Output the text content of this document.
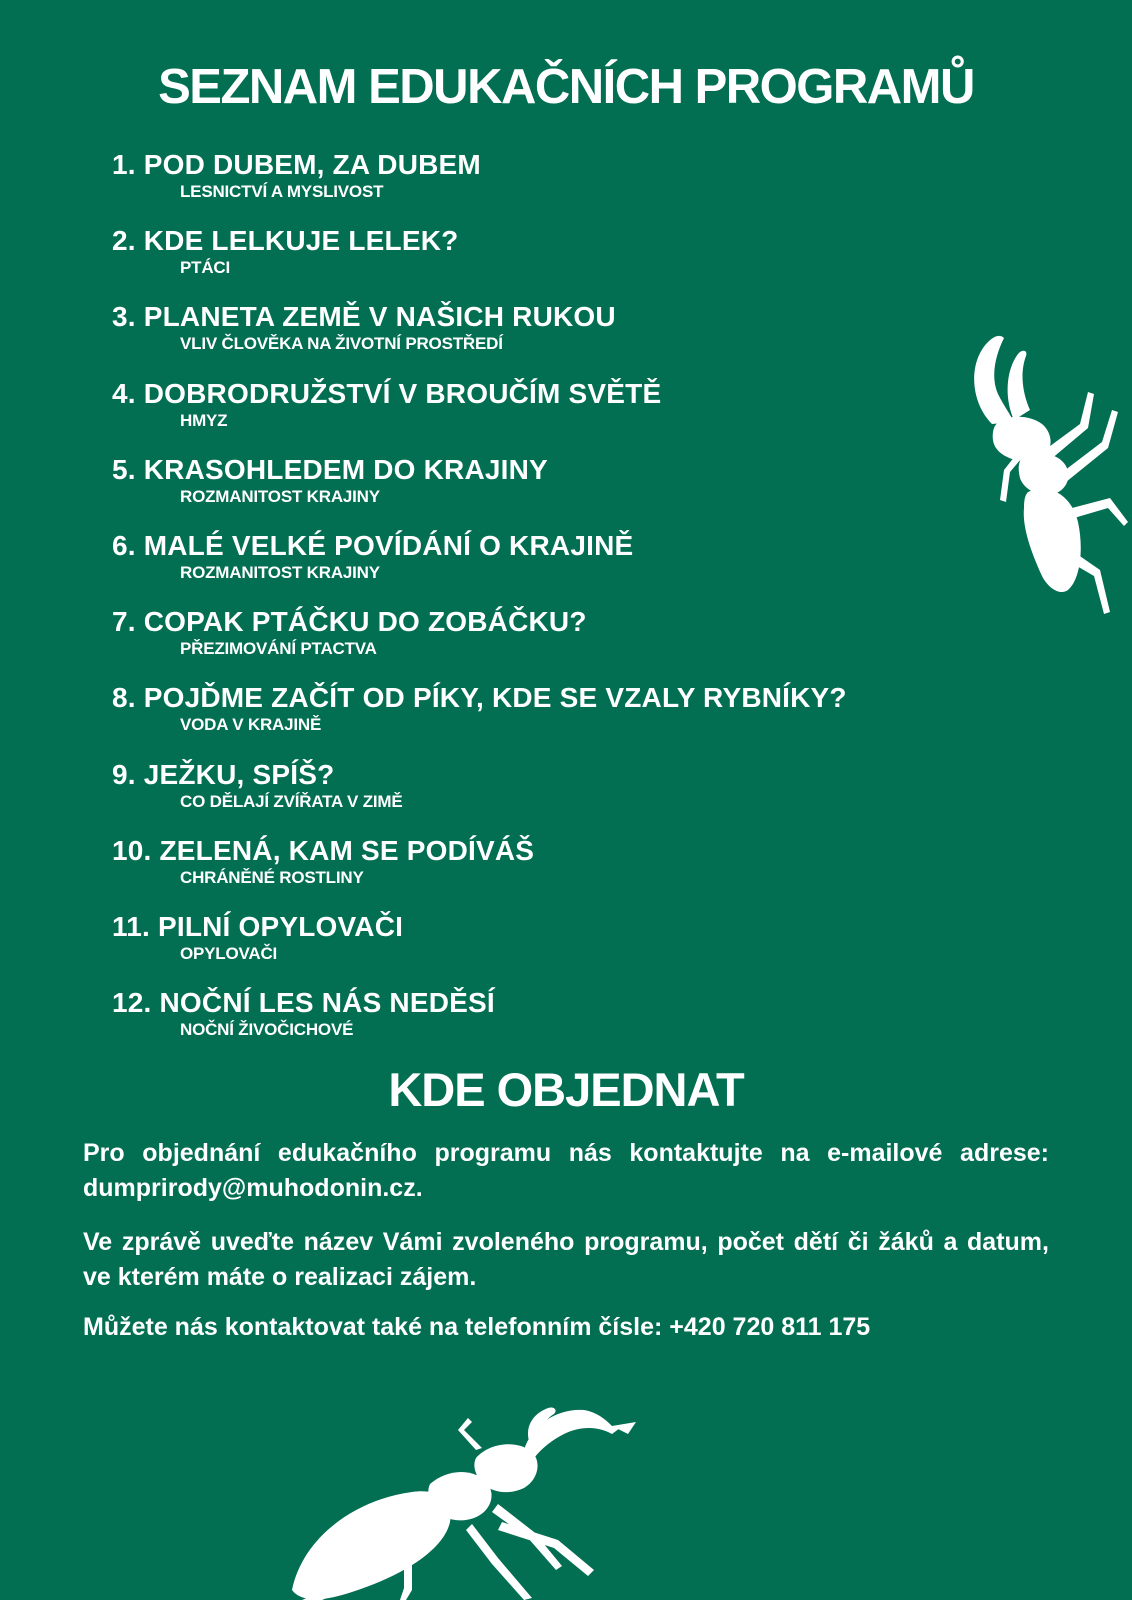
SEZNAM EDUKAČNÍCH PROGRAMŮ
1. POD DUBEM, ZA DUBEM
LESNICTVÍ A MYSLIVOST
2. KDE LELKUJE LELEK?
PTÁCI
3. PLANETA ZEMĚ V NAŠICH RUKOU
VLIV ČLOVĚKA NA ŽIVOTNÍ PROSTŘEDÍ
4. DOBRODRUŽSTVÍ V BROUČÍM SVĚTĚ
HMYZ
5. KRASOHLEDEM DO KRAJINY
ROZMANITOST KRAJINY
6. MALÉ VELKÉ POVÍDÁNÍ O KRAJINĚ
ROZMANITOST KRAJINY
7. COPAK PTÁČKU DO ZOBÁČKU?
PŘEZIMOVÁNÍ PTACTVA
8. POJĎME ZAČÍT OD PÍKY, KDE SE VZALY RYBNÍKY?
VODA V KRAJINĚ
9. JEŽKU, SPÍŠ?
CO DĚLAJÍ ZVÍŘATA V ZIMĚ
10. ZELENÁ, KAM SE PODÍVÁŠ
CHRÁNĚNÉ ROSTLINY
11. PILNÍ OPYLOVAČI
OPYLOVAČI
12. NOČNÍ LES NÁS NEDĚSÍ
NOČNÍ ŽIVOČICHOVÉ
KDE OBJEDNAT

Pro objednání edukačního programu nás kontaktujte na e-mailové adrese: dumprirody@muhodonin.cz.

Ve zprávě uveďte název Vámi zvoleného programu, počet dětí či žáků a datum, ve kterém máte o realizaci zájem.

Můžete nás kontaktovat také na telefonním čísle: +420 720 811 175
